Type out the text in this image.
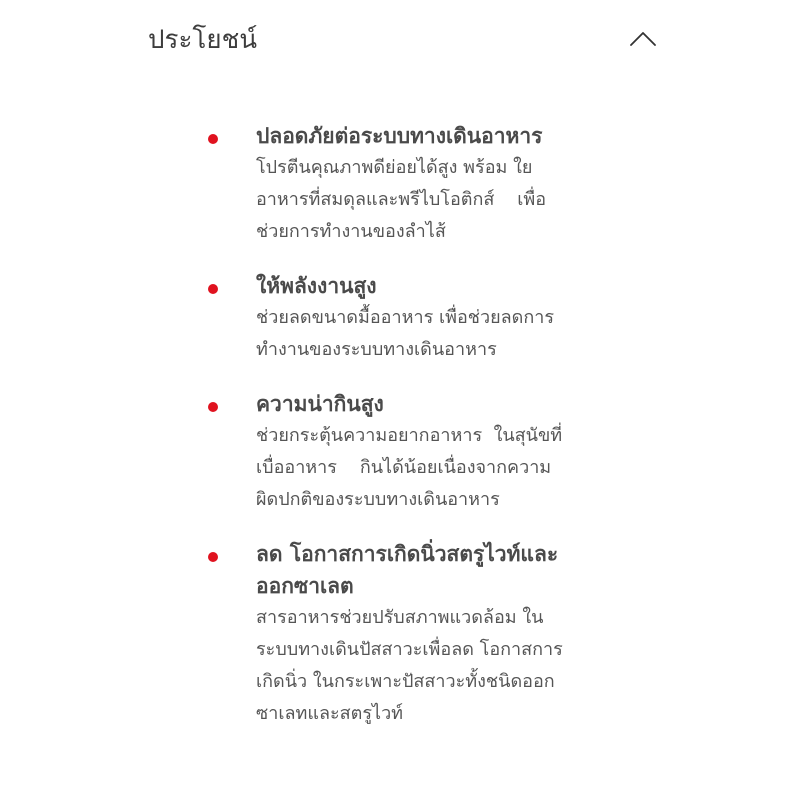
ประโยชน์
ปลอดภัยต่อระบบทางเดินอาหาร
โปรตีนคุณภาพดีย่อยได้สูง พร้อม ใย
อาหารที่สมดุลและพรีไบโอติกส์    เพื่อ
ช่วยการทำงานของลำไส้
ให้พลังงานสูง
ช่วยลดขนาดมื้ออาหาร เพื่อช่วยลดการ
ทำงานของระบบทางเดินอาหาร
ความน่ากินสูง
ช่วยกระตุ้นความอยากอาหาร  ในสุนัขที่
เบื่ออาหาร    กินได้น้อยเนื่องจากความ
ผิดปกติของระบบทางเดินอาหาร
ลด โอกาสการเกิดนิ่วสตรูไวท์และ
ออกซาเลต
สารอาหารช่วยปรับสภาพแวดล้อม ใน
ระบบทางเดินปัสสาวะเพื่อลด โอกาสการ
เกิดนิ่ว ในกระเพาะปัสสาวะทั้งชนิดออก
ซาเลทและสตรูไวท์
